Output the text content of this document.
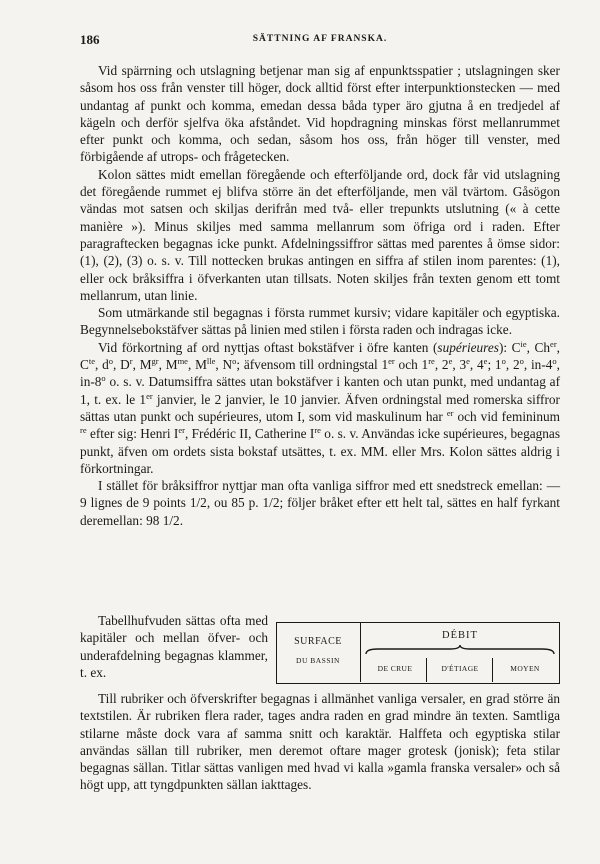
186	SÄTTNING AF FRANSKA.

Vid spärrning och utslagning betjenar man sig af enpunktsspatier ; utslagningen sker såsom hos oss från venster till höger, dock alltid först efter interpunktionstecken — med undantag af punkt och komma, emedan dessa båda typer äro gjutna å en tredjedel af kägeln och derför sjelfva öka afståndet. Vid hopdragning minskas först mellanrummet efter punkt och komma, och sedan, såsom hos oss, från höger till venster, med förbigående af utrops- och frågetecken.

Kolon sättes midt emellan föregående och efterföljande ord, dock får vid utslagning det föregående rummet ej blifva större än det efterföljande, men väl tvärtom. Gåsögon vändas mot satsen och skiljas derifrån med två- eller trepunkts utslutning (« à cette manière »). Minus skiljes med samma mellanrum som öfriga ord i raden. Efter paragraftecken begagnas icke punkt. Afdelningssiffror sättas med parentes å ömse sidor: (1), (2), (3) o. s. v. Till nottecken brukas antingen en siffra af stilen inom parentes: (1), eller ock bråksiffra i öfverkanten utan tillsats. Noten skiljes från texten genom ett tomt mellanrum, utan linie.

Som utmärkande stil begagnas i första rummet kursiv; vidare kapitäler och egyptiska. Begynnelsebokstäfver sättas på linien med stilen i första raden och indragas icke.

Vid förkortning af ord nyttjas oftast bokstäfver i öfre kanten (supérieures): $C^{ie}$, $Ch^{er}$, $C^{te}$, $d^o$, $D^r$, $M^{gr}$, $M^{me}$, $M^{lle}$, $N^o$; äfvensom till ordningstal 1er och 1re, 2e, 3e, 4e; 1$^o$, 2$^o$, in-4$^o$, in-8$^o$ o. s. v. Datumsiffra sättes utan bokstäfver i kanten och utan punkt, med undantag af 1, t. ex. le 1er janvier, le 2 janvier, le 10 janvier. Äfven ordningstal med romerska siffror sättas utan punkt och supérieures, utom I, som vid maskulinum har $^{er}$ och vid femininum $^{re}$ efter sig: Henri Ier, Frédéric II, Catherine Ire o. s. v. Användas icke supérieures, begagnas punkt, äfven om ordets sista bokstaf utsättes, t. ex. MM. eller Mrs. Kolon sättes aldrig i förkortningar.

I stället för bråksiffror nyttjar man ofta vanliga siffror med ett snedstreck emellan: — 9 lignes de 9 points 1/2, ou 85 p. 1/2; följer bråket efter ett helt tal, sättes en half fyrkant deremellan: 98 1/2.

Tabellhufvuden sättas ofta med kapitäler och mellan öfver- och underafdelning begagnas klammer, t. ex.
SURFACE
DU BASSIN
DÉBIT
DE CRUE	D'ÉTIAGE	MOYEN

Till rubriker och öfverskrifter begagnas i allmänhet vanliga versaler, en grad större än textstilen. Är rubriken flera rader, tages andra raden en grad mindre än texten. Samtliga stilarne måste dock vara af samma snitt och karaktär. Halffeta och egyptiska stilar användas sällan till rubriker, men deremot oftare mager grotesk (jonisk); feta stilar begagnas sällan. Titlar sättas vanligen med hvad vi kalla »gamla franska versaler» och så högt upp, att tyngdpunkten sällan iakttages.
